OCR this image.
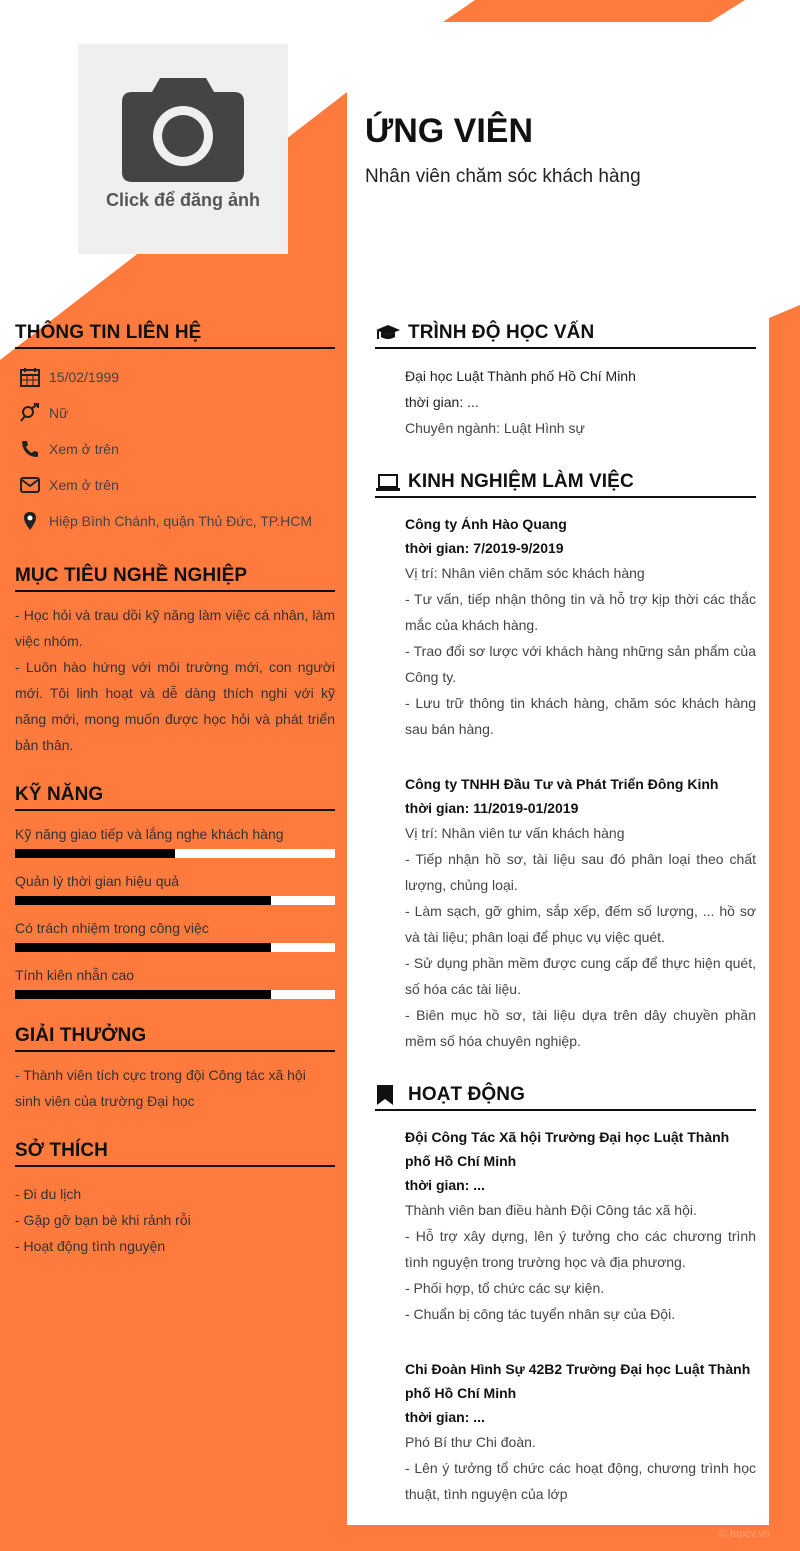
Click để đăng ảnh
ỨNG VIÊN
Nhân viên chăm sóc khách hàng
THÔNG TIN LIÊN HỆ
15/02/1999
Nữ
Xem ở trên
Xem ở trên
Hiệp Bình Chánh, quận Thủ Đức, TP.HCM
MỤC TIÊU NGHỀ NGHIỆP

- Học hỏi và trau dồi kỹ năng làm việc cá nhân, làm việc nhóm.

- Luôn hào hứng với môi trường mới, con người mới. Tôi linh hoạt và dễ dàng thích nghi với kỹ năng mới, mong muốn được học hỏi và phát triển bản thân.

KỸ NĂNG
Kỹ năng giao tiếp và lắng nghe khách hàng
Quản lý thời gian hiệu quả
Có trách nhiệm trong công việc
Tính kiên nhẫn cao
GIẢI THƯỞNG

- Thành viên tích cực trong đội Công tác xã hội sinh viên của trường Đại học

SỞ THÍCH

- Đi du lịch

- Gặp gỡ bạn bè khi rảnh rỗi

- Hoạt động tình nguyện

TRÌNH ĐỘ HỌC VẤN

Đại học Luật Thành phố Hồ Chí Minh

thời gian: ...

Chuyên ngành: Luật Hình sự

KINH NGHIỆM LÀM VIỆC
Công ty Ánh Hào Quang
thời gian: 7/2019-9/2019

Vị trí: Nhân viên chăm sóc khách hàng

- Tư vấn, tiếp nhận thông tin và hỗ trợ kịp thời các thắc mắc của khách hàng.

- Trao đổi sơ lược với khách hàng những sản phẩm của Công ty.

- Lưu trữ thông tin khách hàng, chăm sóc khách hàng sau bán hàng.

Công ty TNHH Đầu Tư và Phát Triển Đông Kinh
thời gian: 11/2019-01/2019

Vị trí: Nhân viên tư vấn khách hàng

- Tiếp nhận hồ sơ, tài liệu sau đó phân loại theo chất lượng, chủng loại.

- Làm sạch, gỡ ghim, sắp xếp, đếm số lượng, ... hồ sơ và tài liệu; phân loại để phục vụ việc quét.

- Sử dụng phần mềm được cung cấp để thực hiện quét, số hóa các tài liệu.

- Biên mục hồ sơ, tài liệu dựa trên dây chuyền phần mềm số hóa chuyên nghiệp.

HOẠT ĐỘNG
Đội Công Tác Xã hội Trường Đại học Luật Thành phố Hồ Chí Minh
thời gian: ...

Thành viên ban điều hành Đội Công tác xã hội.

- Hỗ trợ xây dựng, lên ý tưởng cho các chương trình tình nguyện trong trường học và địa phương.

- Phối hợp, tổ chức các sự kiện.

- Chuẩn bị công tác tuyển nhân sự của Đội.

Chi Đoàn Hình Sự 42B2 Trường Đại học Luật Thành phố Hồ Chí Minh
thời gian: ...

Phó Bí thư Chi đoàn.

- Lên ý tưởng tổ chức các hoạt động, chương trình học thuật, tình nguyện của lớp

© topcv.vn
